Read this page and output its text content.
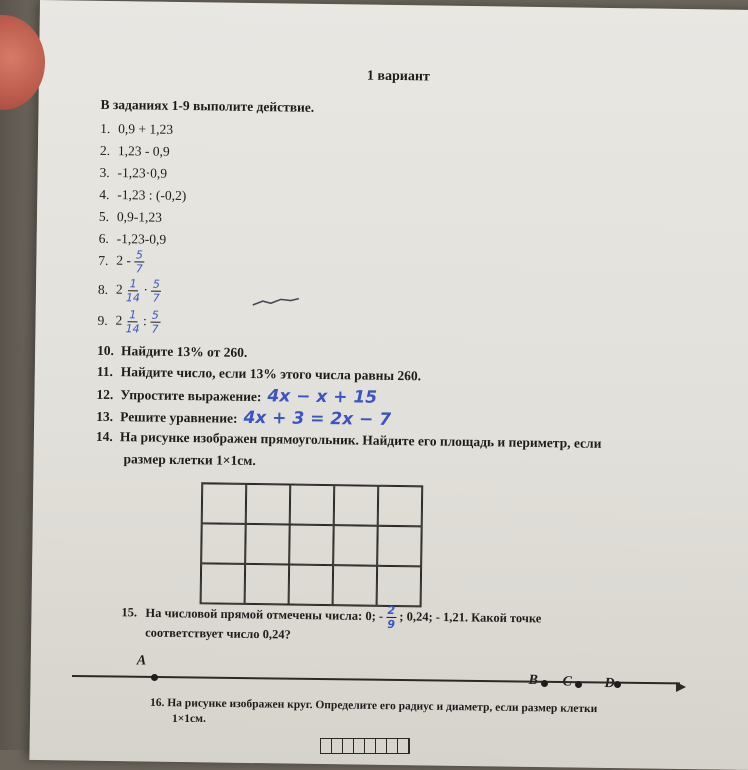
1 вариант
В заданиях 1-9 выполите действие.
1. 0,9 + 1,23
2. 1,23 - 0,9
3. -1,23·0,9
4. -1,23 : (-0,2)
5. 0,9-1,23
6. -1,23-0,9
7. $2 - \frac{5}{7}$
8. $2 \frac{1}{14} \cdot \frac{5}{7}$
9. $2 \frac{1}{14}$ : $\frac{5}{7}$
10. Найдите 13% от 260.
11. Найдите число, если 13% этого числа равны 260.
12. Упростите выражение: 4x − x + 15
13. Решите уравнение: 4x + 3 = 2x − 7
14. На рисунке изображен прямоугольник. Найдите его площадь и периметр, если
размер клетки 1×1см.
15. На числовой прямой отмечены числа: 0; - $\frac{2}{9}$ ; 0,24; - 1,21. Какой точке
соответствует число 0,24?
A
16. На рисунке изображен круг. Определите его радиус и диаметр, если размер клетки
1×1см.
